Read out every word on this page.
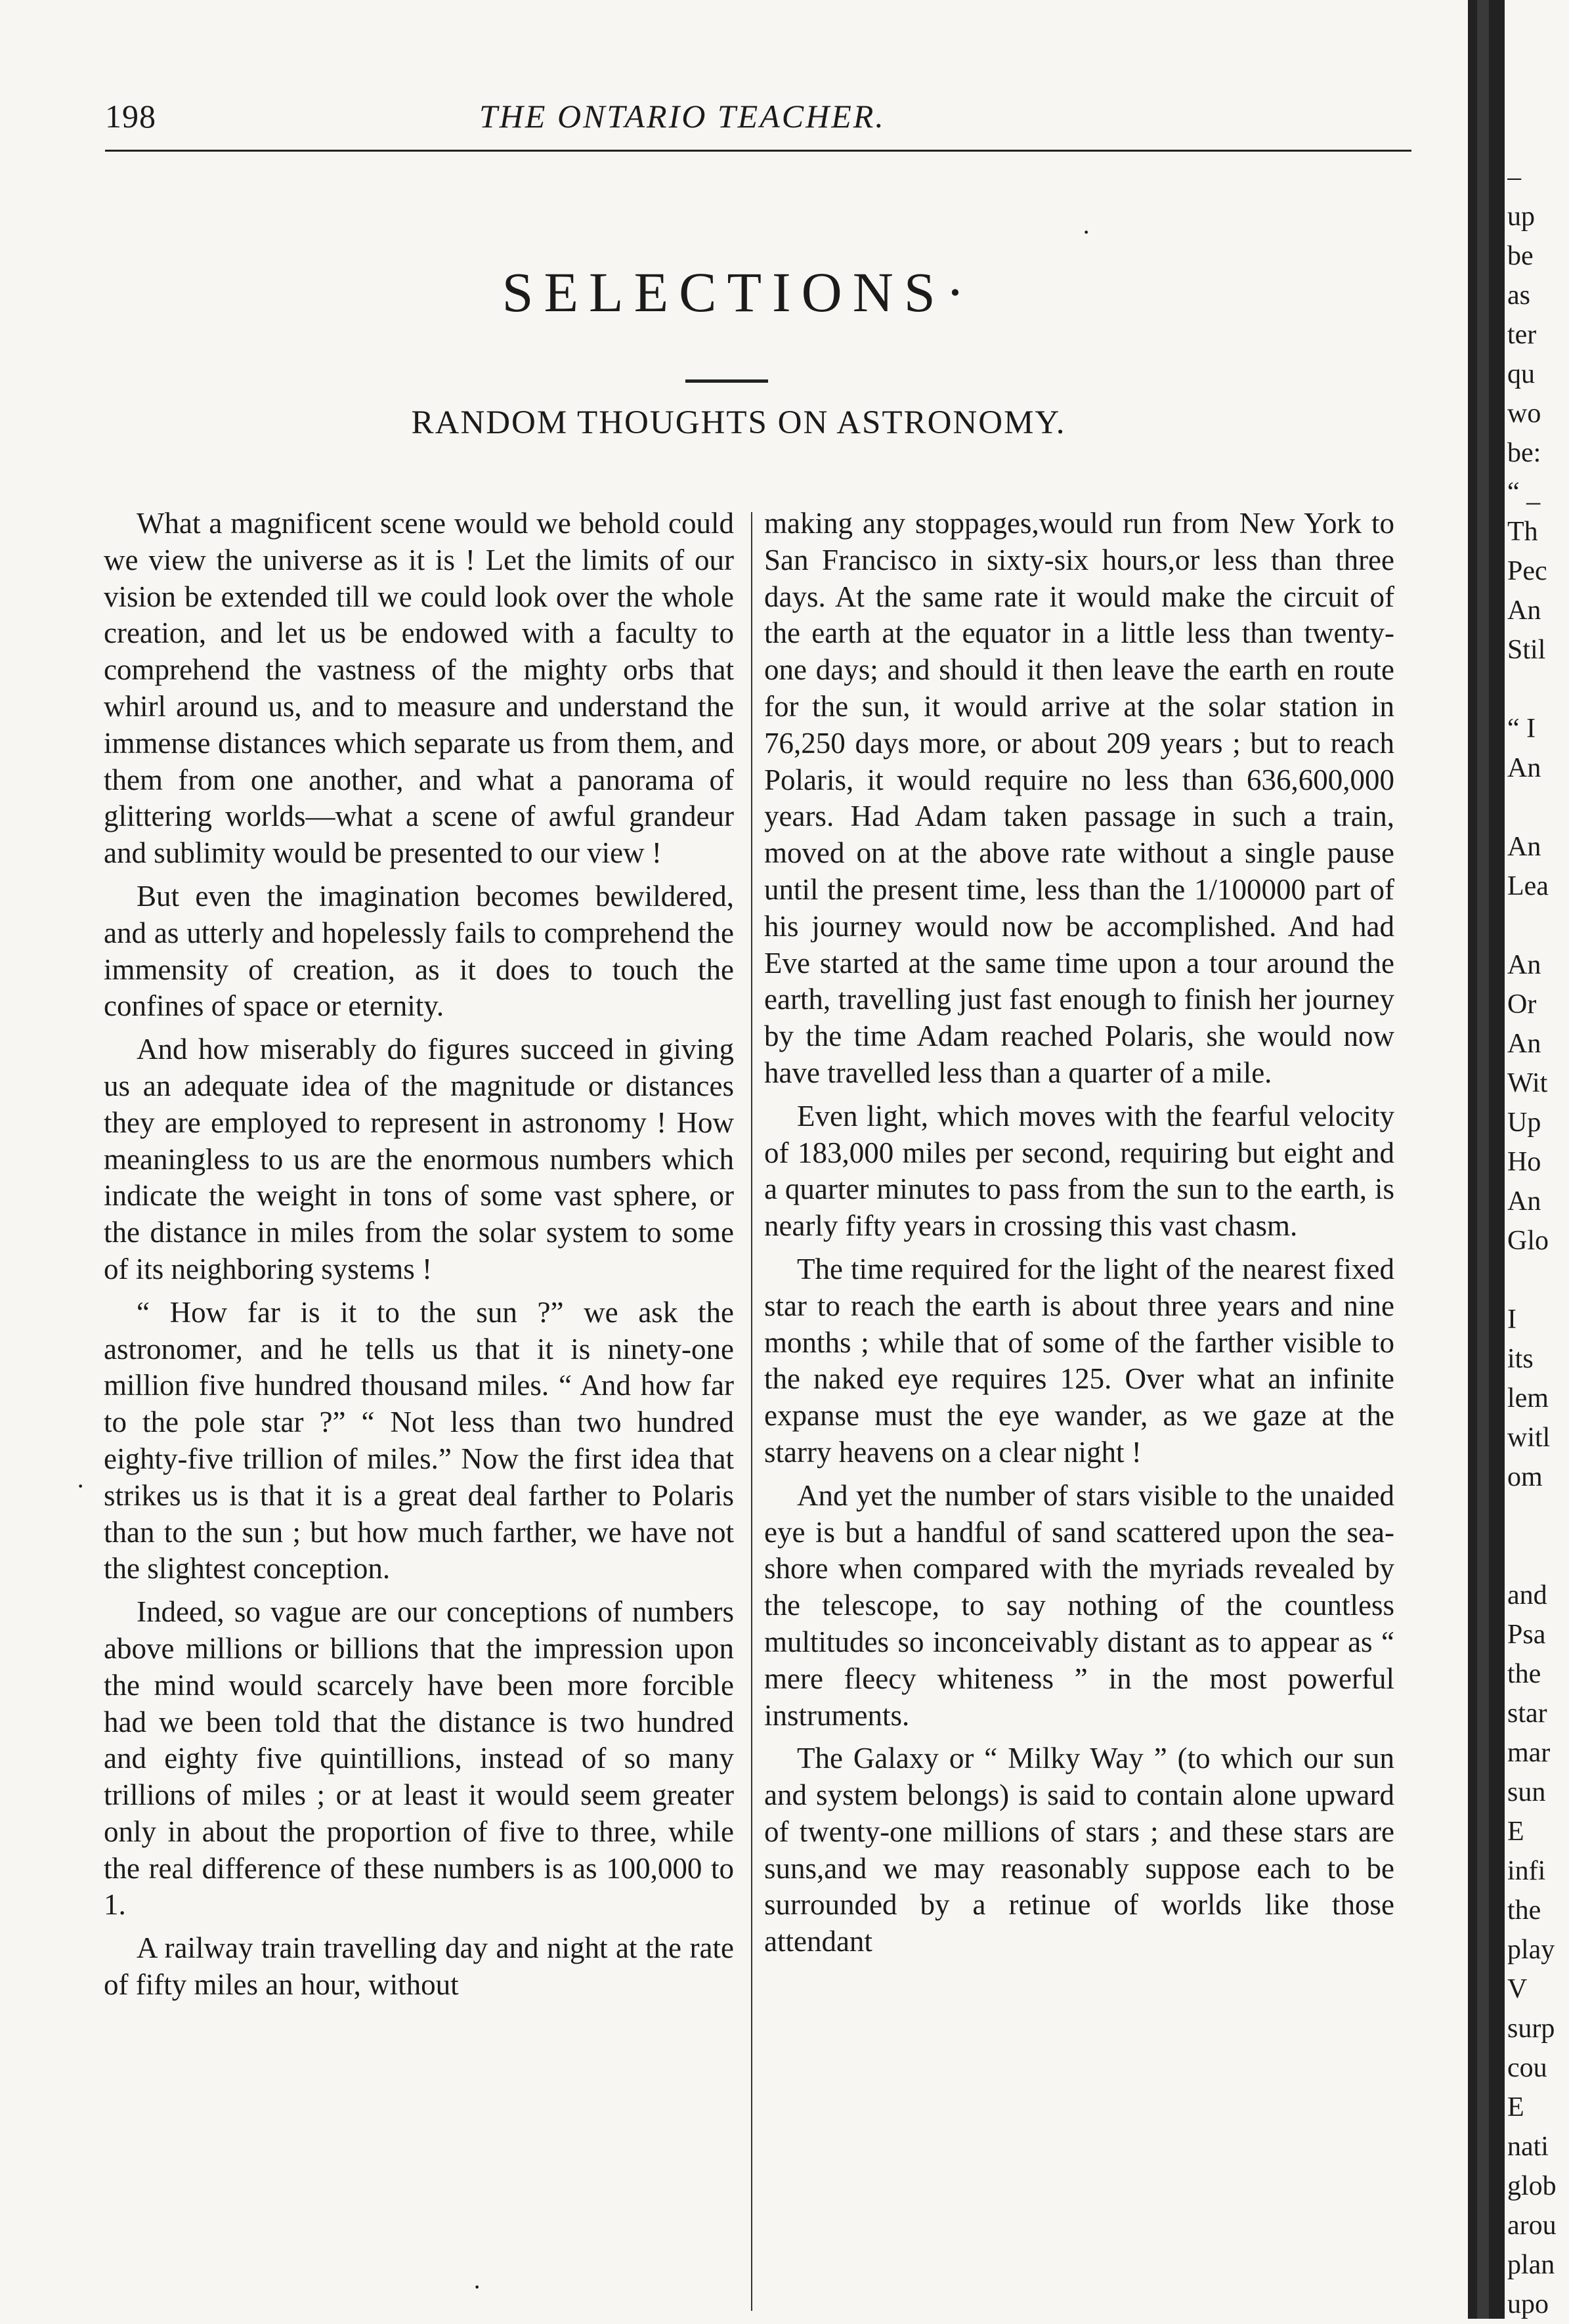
198	THE ONTARIO TEACHER.
SELECTIONS·
RANDOM THOUGHTS ON ASTRONOMY.

What a magnificent scene would we behold could we view the universe as it is ! Let the limits of our vision be extended till we could look over the whole creation, and let us be endowed with a faculty to comprehend the vastness of the mighty orbs that whirl around us, and to measure and understand the immense distances which separate us from them, and them from one another, and what a panorama of glittering worlds—what a scene of awful grandeur and sublimity would be presented to our view !

But even the imagination becomes bewildered, and as utterly and hopelessly fails to comprehend the immensity of creation, as it does to touch the confines of space or eternity.

And how miserably do figures succeed in giving us an adequate idea of the magnitude or distances they are employed to represent in astronomy ! How meaningless to us are the enormous numbers which indicate the weight in tons of some vast sphere, or the distance in miles from the solar system to some of its neighboring systems !

“ How far is it to the sun ?” we ask the astronomer, and he tells us that it is ninety-one million five hundred thousand miles. “ And how far to the pole star ?” “ Not less than two hundred eighty-five trillion of miles.” Now the first idea that strikes us is that it is a great deal farther to Polaris than to the sun ; but how much farther, we have not the slightest conception.

Indeed, so vague are our conceptions of numbers above millions or billions that the impression upon the mind would scarcely have been more forcible had we been told that the distance is two hundred and eighty five quintillions, instead of so many trillions of miles ; or at least it would seem greater only in about the proportion of five to three, while the real difference of these numbers is as 100,000 to 1.

A railway train travelling day and night at the rate of fifty miles an hour, without

making any stoppages,would run from New York to San Francisco in sixty-six hours,or less than three days. At the same rate it would make the circuit of the earth at the equator in a little less than twenty-one days; and should it then leave the earth en route for the sun, it would arrive at the solar station in 76,250 days more, or about 209 years ; but to reach Polaris, it would require no less than 636,600,000 years. Had Adam taken passage in such a train, moved on at the above rate without a single pause until the present time, less than the 1/100000 part of his journey would now be accomplished. And had Eve started at the same time upon a tour around the earth, travelling just fast enough to finish her journey by the time Adam reached Polaris, she would now have travelled less than a quarter of a mile.

Even light, which moves with the fearful velocity of 183,000 miles per second, requiring but eight and a quarter minutes to pass from the sun to the earth, is nearly fifty years in crossing this vast chasm.

The time required for the light of the nearest fixed star to reach the earth is about three years and nine months ; while that of some of the farther visible to the naked eye requires 125. Over what an infinite expanse must the eye wander, as we gaze at the starry heavens on a clear night !

And yet the number of stars visible to the unaided eye is but a handful of sand scattered upon the sea-shore when compared with the myriads revealed by the telescope, to say nothing of the countless multitudes so inconceivably distant as to appear as “ mere fleecy whiteness ” in the most powerful instruments.

The Galaxy or “ Milky Way ” (to which our sun and system belongs) is said to contain alone upward of twenty-one millions of stars ; and these stars are suns,and we may reasonably suppose each to be surrounded by a retinue of worlds like those attendant

–
up
be
as
ter
qu
wo
be:
“ _
Th
Pec
An
Stil
“ I
An
An
Lea
An
Or
An
Wit
Up
Ho
An
Glo
I
its
lem
witl
om
and
Psa
the
star
mar
sun
E
infi
the
play
V
surp
cou
E
nati
glob
arou
plan
upo
·
·
·
